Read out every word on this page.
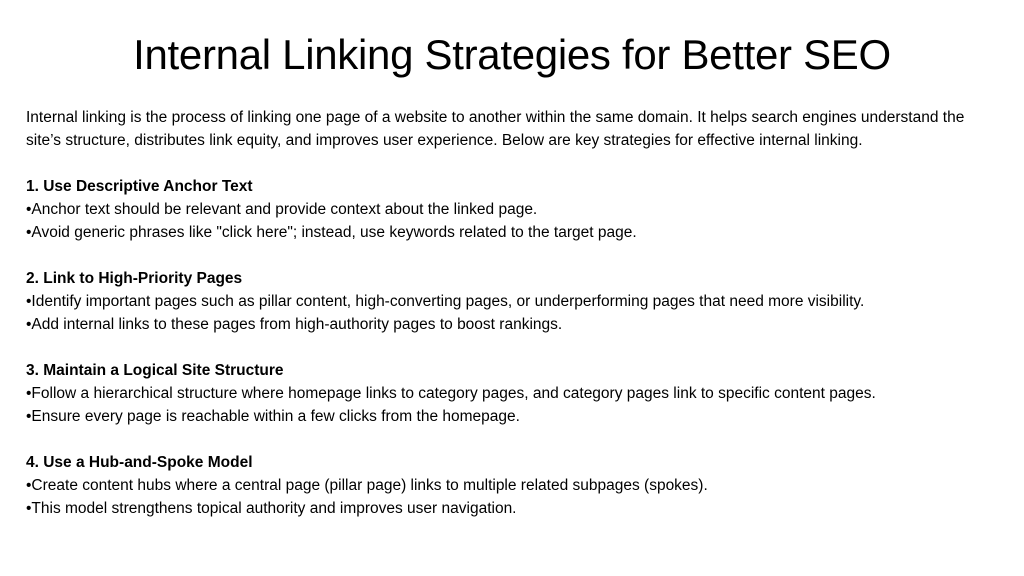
Internal Linking Strategies for Better SEO

Internal linking is the process of linking one page of a website to another within the same domain. It helps search engines understand the site’s structure, distributes link equity, and improves user experience. Below are key strategies for effective internal linking.

1. Use Descriptive Anchor Text

•Anchor text should be relevant and provide context about the linked page.

•Avoid generic phrases like "click here"; instead, use keywords related to the target page.

2. Link to High-Priority Pages

•Identify important pages such as pillar content, high-converting pages, or underperforming pages that need more visibility.

•Add internal links to these pages from high-authority pages to boost rankings.

3. Maintain a Logical Site Structure

•Follow a hierarchical structure where homepage links to category pages, and category pages link to specific content pages.

•Ensure every page is reachable within a few clicks from the homepage.

4. Use a Hub-and-Spoke Model

•Create content hubs where a central page (pillar page) links to multiple related subpages (spokes).

•This model strengthens topical authority and improves user navigation.
